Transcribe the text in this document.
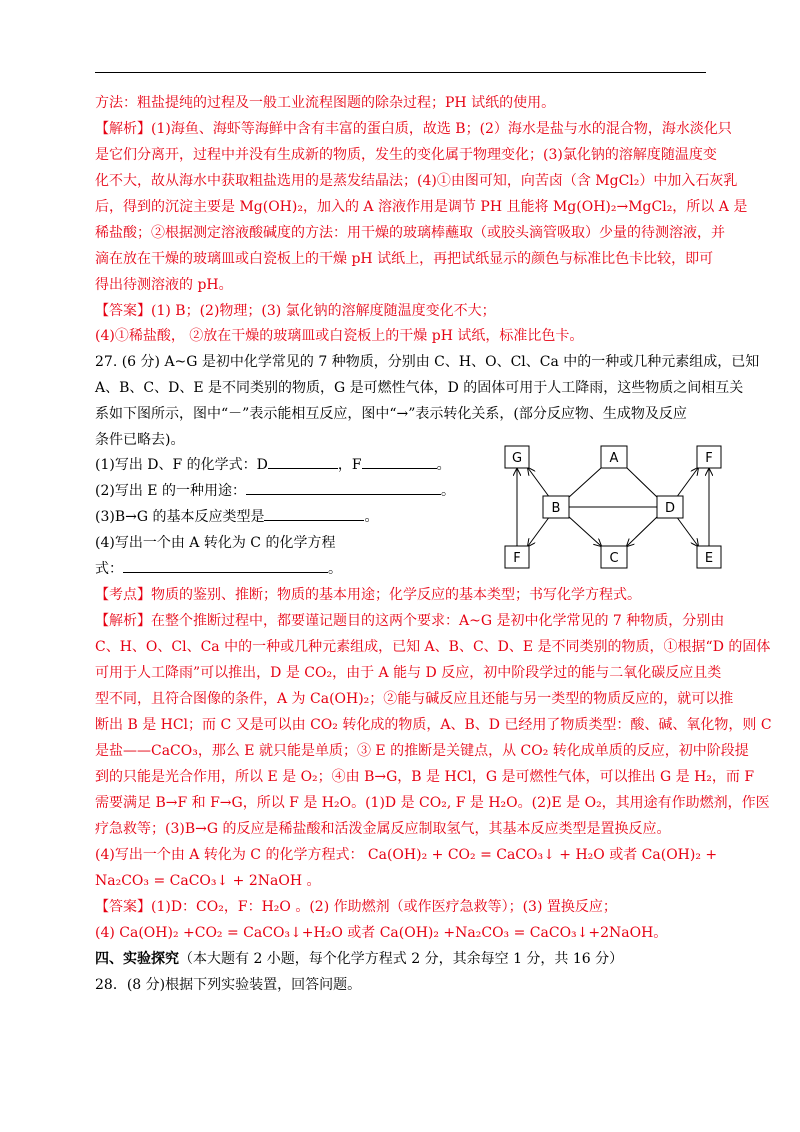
方法：粗盐提纯的过程及一般工业流程图题的除杂过程；PH 试纸的使用。

【解析】(1)海鱼、海虾等海鲜中含有丰富的蛋白质，故选 B；(2）海水是盐与水的混合物，海水淡化只

是它们分离开，过程中并没有生成新的物质，发生的变化属于物理变化；(3)氯化钠的溶解度随温度变

化不大，故从海水中获取粗盐选用的是蒸发结晶法；(4)①由图可知，向苦卤（含 MgCl₂）中加入石灰乳

后，得到的沉淀主要是 Mg(OH)₂，加入的 A 溶液作用是调节 PH 且能将 Mg(OH)₂→MgCl₂，所以 A 是

稀盐酸；②根据测定溶液酸碱度的方法：用干燥的玻璃棒蘸取（或胶头滴管吸取）少量的待测溶液，并

滴在放在干燥的玻璃皿或白瓷板上的干燥 pH 试纸上，再把试纸显示的颜色与标准比色卡比较，即可

得出待测溶液的 pH。

【答案】(1) B；(2)物理；(3) 氯化钠的溶解度随温度变化不大；

(4)①稀盐酸， ②放在干燥的玻璃皿或白瓷板上的干燥 pH 试纸，标准比色卡。

27. (6 分) A~G 是初中化学常见的 7 种物质，分别由 C、H、O、Cl、Ca 中的一种或几种元素组成，已知

A、B、C、D、E 是不同类别的物质，G 是可燃性气体，D 的固体可用于人工降雨，这些物质之间相互关

系如下图所示，图中“－”表示能相互反应，图中“→”表示转化关系，(部分反应物、生成物及反应

条件已略去)。

(1)写出 D、F 的化学式：D	，F	。

(2)写出 E 的一种用途：	。

(3)B→G 的基本反应类型是	。

(4)写出一个由 A 转化为 C 的化学方程

式：	。

G	A	F
B	D
F	C	E

【考点】物质的鉴别、推断；物质的基本用途；化学反应的基本类型；书写化学方程式。

【解析】在整个推断过程中，都要谨记题目的这两个要求：A~G 是初中化学常见的 7 种物质，分别由

C、H、O、Cl、Ca 中的一种或几种元素组成，已知 A、B、C、D、E 是不同类别的物质，①根据“D 的固体

可用于人工降雨”可以推出，D 是 CO₂，由于 A 能与 D 反应，初中阶段学过的能与二氧化碳反应且类

型不同，且符合图像的条件，A 为 Ca(OH)₂；②能与碱反应且还能与另一类型的物质反应的，就可以推

断出 B 是 HCl；而 C 又是可以由 CO₂ 转化成的物质，A、B、D 已经用了物质类型：酸、碱、氧化物，则 C

是盐——CaCO₃，那么 E 就只能是单质；③ E 的推断是关键点，从 CO₂ 转化成单质的反应，初中阶段提

到的只能是光合作用，所以 E 是 O₂；④由 B→G，B 是 HCl，G 是可燃性气体，可以推出 G 是 H₂，而 F

需要满足 B→F 和 F→G，所以 F 是 H₂O。(1)D 是 CO₂, F 是 H₂O。(2)E 是 O₂，其用途有作助燃剂，作医

疗急救等；(3)B→G 的反应是稀盐酸和活泼金属反应制取氢气，其基本反应类型是置换反应。

(4)写出一个由 A 转化为 C 的化学方程式： Ca(OH)₂ + CO₂ = CaCO₃↓ + H₂O 或者 Ca(OH)₂ +

Na₂CO₃ = CaCO₃↓ + 2NaOH 。

【答案】(1)D：CO₂，F：H₂O 。(2) 作助燃剂（或作医疗急救等）；(3) 置换反应；

(4) Ca(OH)₂ +CO₂ = CaCO₃↓+H₂O 或者 Ca(OH)₂ +Na₂CO₃ = CaCO₃↓+2NaOH。

四、实验探究（本大题有 2 小题，每个化学方程式 2 分，其余每空 1 分，共 16 分）

28．(8 分)根据下列实验装置，回答问题。
